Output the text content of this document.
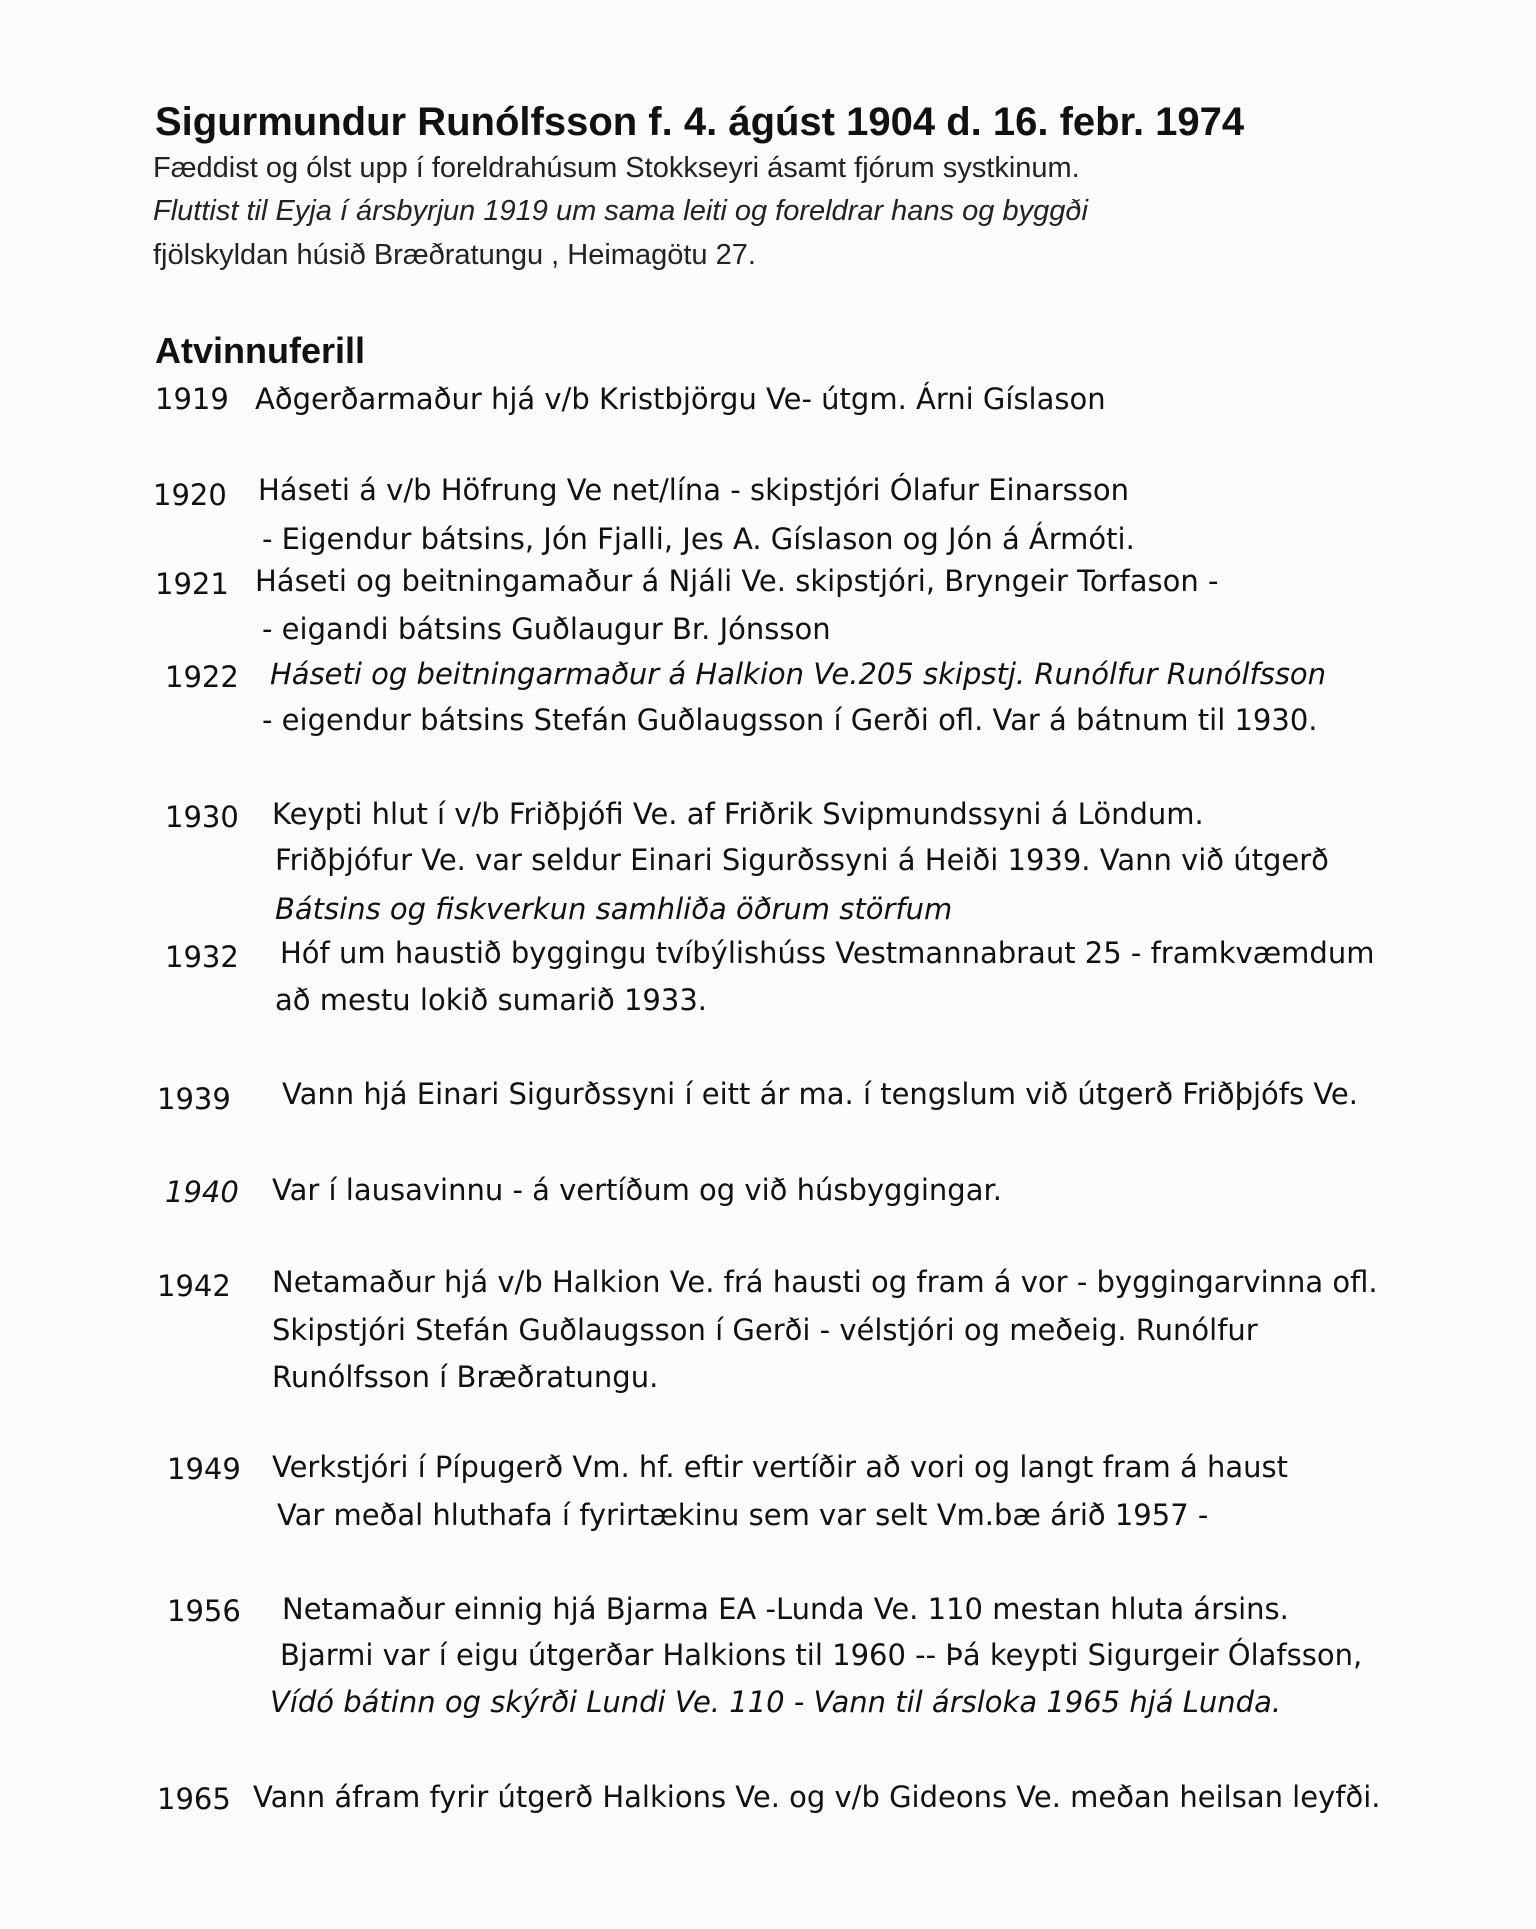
Sigurmundur Runólfsson f. 4. ágúst 1904 d. 16. febr. 1974
Fæddist og ólst upp í foreldrahúsum Stokkseyri ásamt fjórum systkinum.
Fluttist til Eyja í ársbyrjun 1919 um sama leiti og foreldrar hans og byggði
fjölskyldan húsið Bræðratungu , Heimagötu 27.
Atvinnuferill
1919 Aðgerðarmaður hjá v/b Kristbjörgu Ve- útgm. Árni Gíslason
1920 Háseti á v/b Höfrung Ve net/lína - skipstjóri Ólafur Einarsson
- Eigendur bátsins, Jón Fjalli, Jes A. Gíslason og Jón á Ármóti.
1921 Háseti og beitningamaður á Njáli Ve. skipstjóri, Bryngeir Torfason -
- eigandi bátsins Guðlaugur Br. Jónsson
1922 Háseti og beitningarmaður á Halkion Ve.205 skipstj. Runólfur Runólfsson
- eigendur bátsins Stefán Guðlaugsson í Gerði ofl. Var á bátnum til 1930.
1930 Keypti hlut í v/b Friðþjófi Ve. af Friðrik Svipmundssyni á Löndum.
Friðþjófur Ve. var seldur Einari Sigurðssyni á Heiði 1939. Vann við útgerð
Bátsins og fiskverkun samhliða öðrum störfum
1932 Hóf um haustið byggingu tvíbýlishúss Vestmannabraut 25 - framkvæmdum
að mestu lokið sumarið 1933.
1939 Vann hjá Einari Sigurðssyni í eitt ár ma. í tengslum við útgerð Friðþjófs Ve.
1940 Var í lausavinnu - á vertíðum og við húsbyggingar.
1942 Netamaður hjá v/b Halkion Ve. frá hausti og fram á vor - byggingarvinna ofl.
Skipstjóri Stefán Guðlaugsson í Gerði - vélstjóri og meðeig. Runólfur
Runólfsson í Bræðratungu.
1949 Verkstjóri í Pípugerð Vm. hf. eftir vertíðir að vori og langt fram á haust
Var meðal hluthafa í fyrirtækinu sem var selt Vm.bæ árið 1957 -
1956 Netamaður einnig hjá Bjarma EA -Lunda Ve. 110 mestan hluta ársins.
Bjarmi var í eigu útgerðar Halkions til 1960 -- Þá keypti Sigurgeir Ólafsson,
Vídó bátinn og skýrði Lundi Ve. 110 - Vann til ársloka 1965 hjá Lunda.
1965 Vann áfram fyrir útgerð Halkions Ve. og v/b Gideons Ve. meðan heilsan leyfði.
